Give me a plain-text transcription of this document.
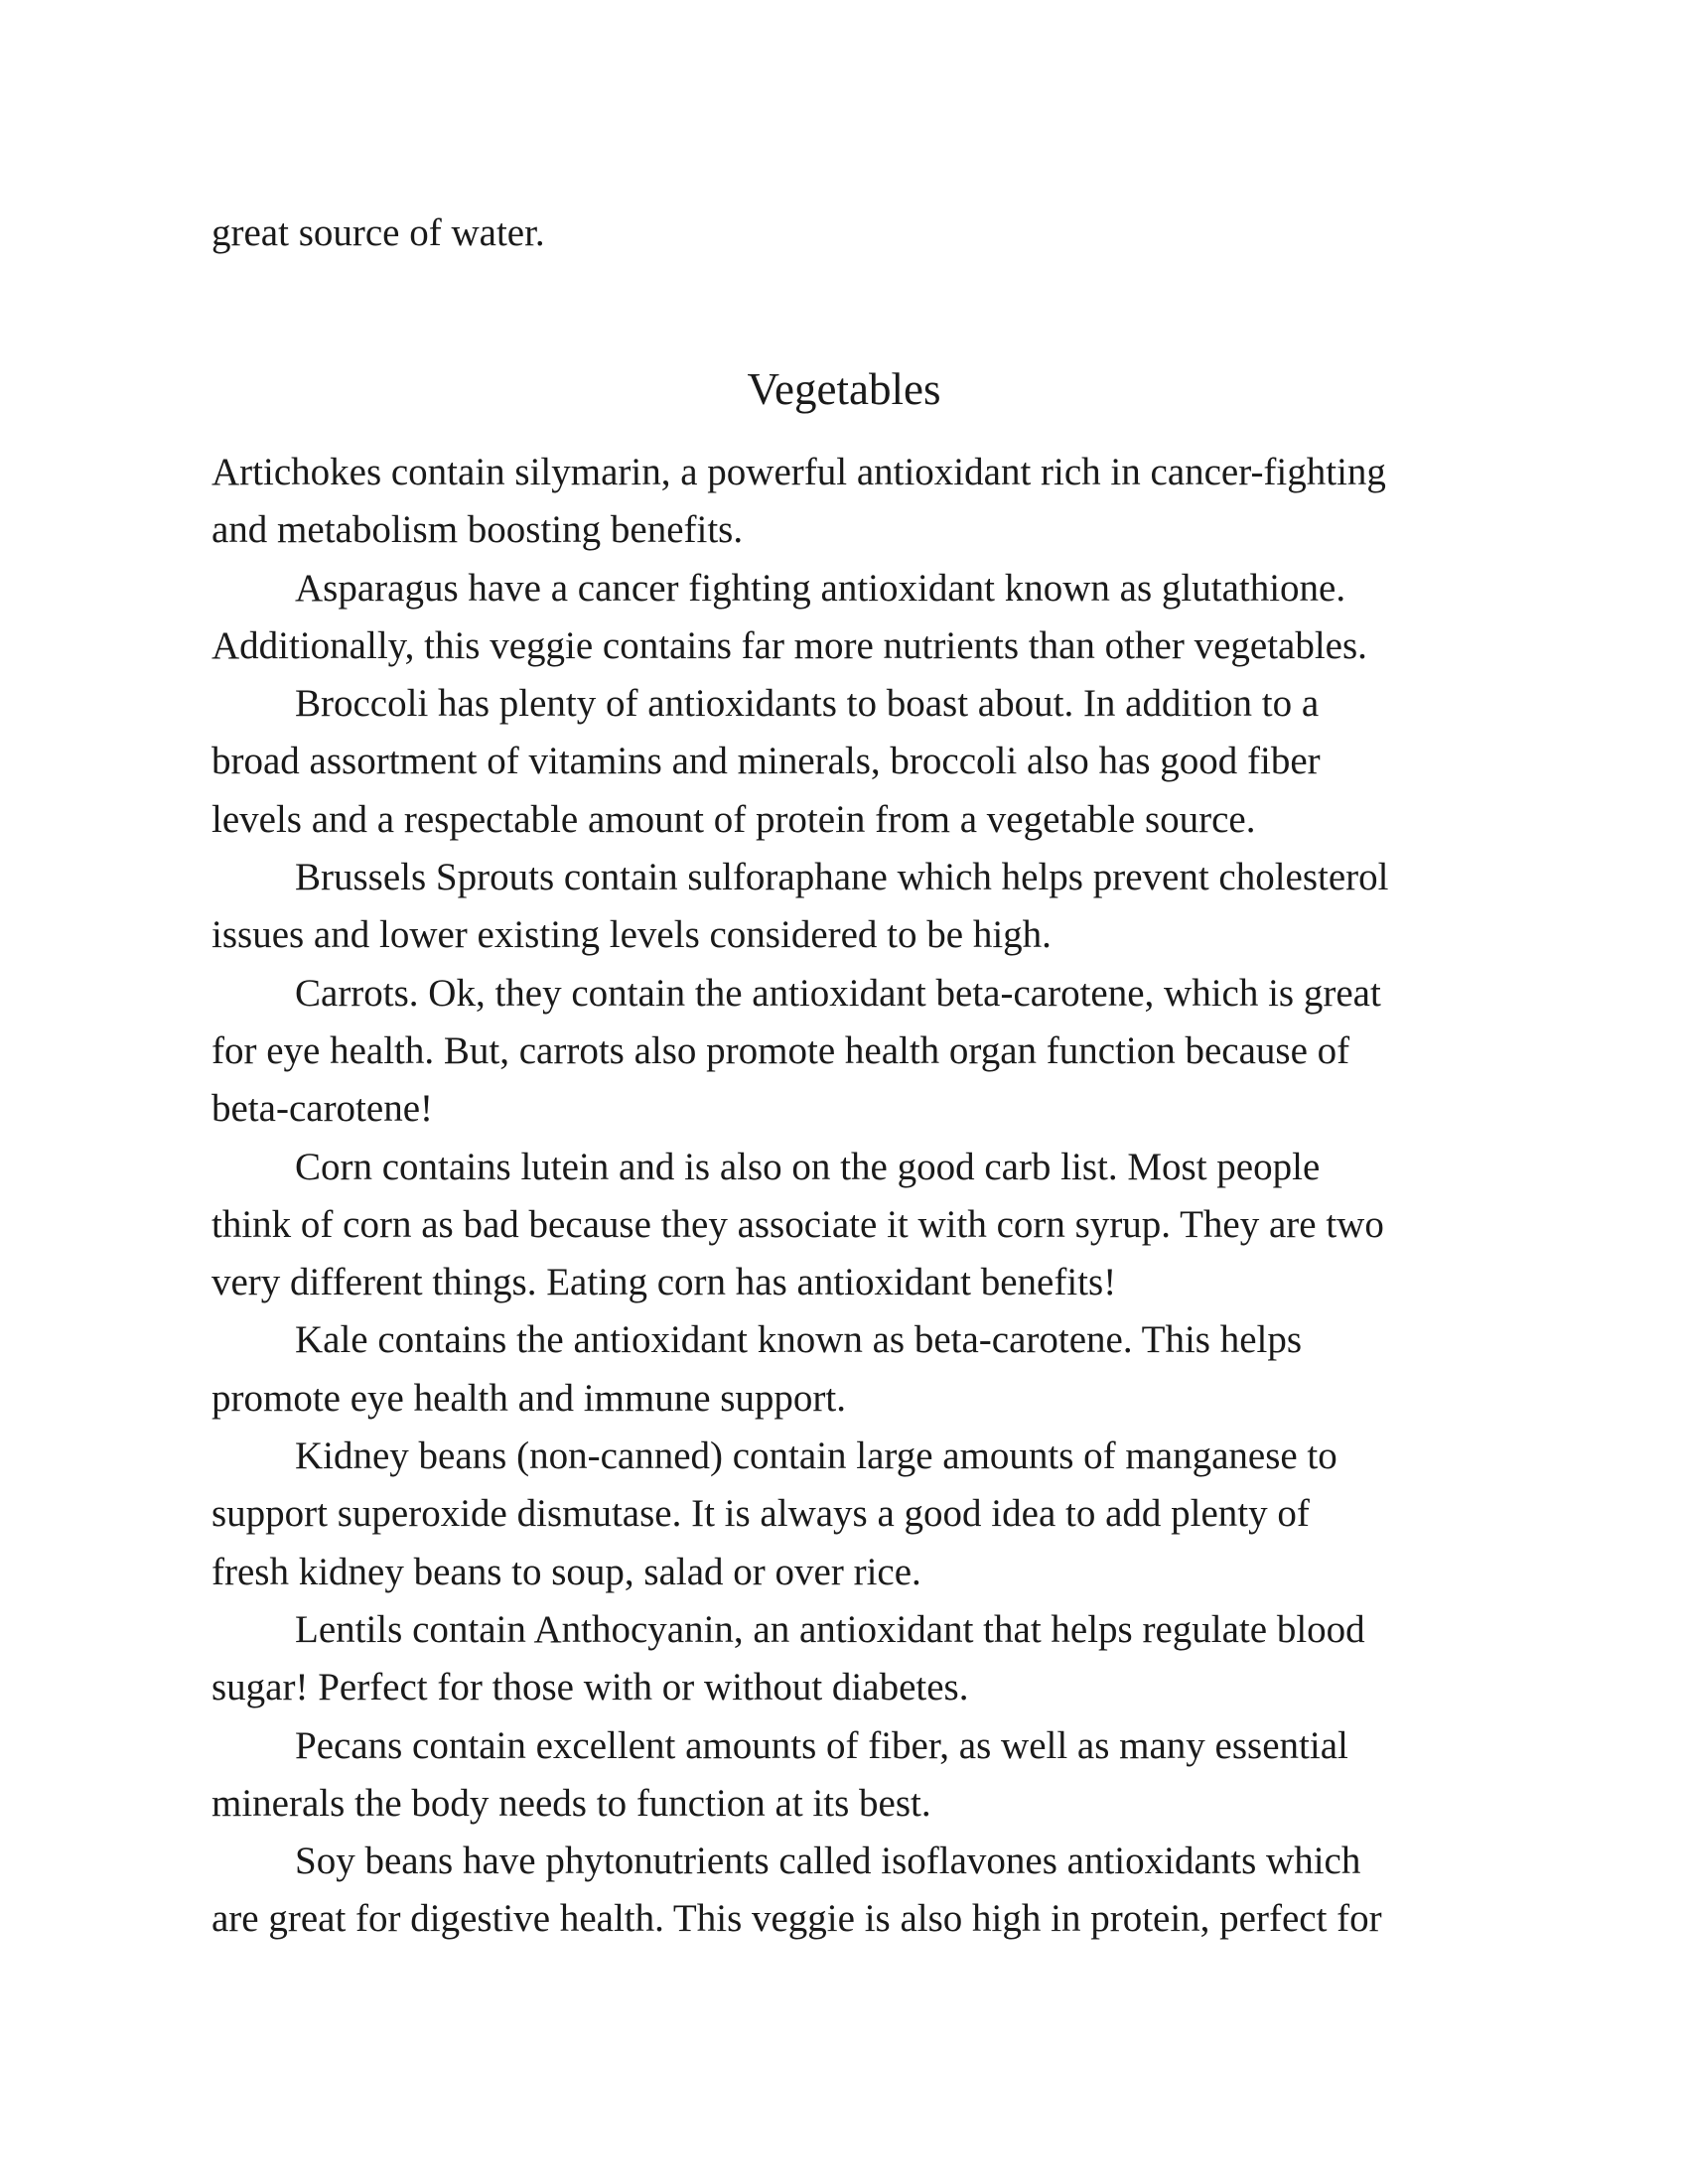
great source of water.
Vegetables
Artichokes contain silymarin, a powerful antioxidant rich in cancer-fighting
and metabolism boosting benefits.
Asparagus have a cancer fighting antioxidant known as glutathione.
Additionally, this veggie contains far more nutrients than other vegetables.
Broccoli has plenty of antioxidants to boast about. In addition to a
broad assortment of vitamins and minerals, broccoli also has good fiber
levels and a respectable amount of protein from a vegetable source.
Brussels Sprouts contain sulforaphane which helps prevent cholesterol
issues and lower existing levels considered to be high.
Carrots. Ok, they contain the antioxidant beta-carotene, which is great
for eye health. But, carrots also promote health organ function because of
beta-carotene!
Corn contains lutein and is also on the good carb list. Most people
think of corn as bad because they associate it with corn syrup. They are two
very different things. Eating corn has antioxidant benefits!
Kale contains the antioxidant known as beta-carotene. This helps
promote eye health and immune support.
Kidney beans (non-canned) contain large amounts of manganese to
support superoxide dismutase. It is always a good idea to add plenty of
fresh kidney beans to soup, salad or over rice.
Lentils contain Anthocyanin, an antioxidant that helps regulate blood
sugar! Perfect for those with or without diabetes.
Pecans contain excellent amounts of fiber, as well as many essential
minerals the body needs to function at its best.
Soy beans have phytonutrients called isoflavones antioxidants which
are great for digestive health. This veggie is also high in protein, perfect for
